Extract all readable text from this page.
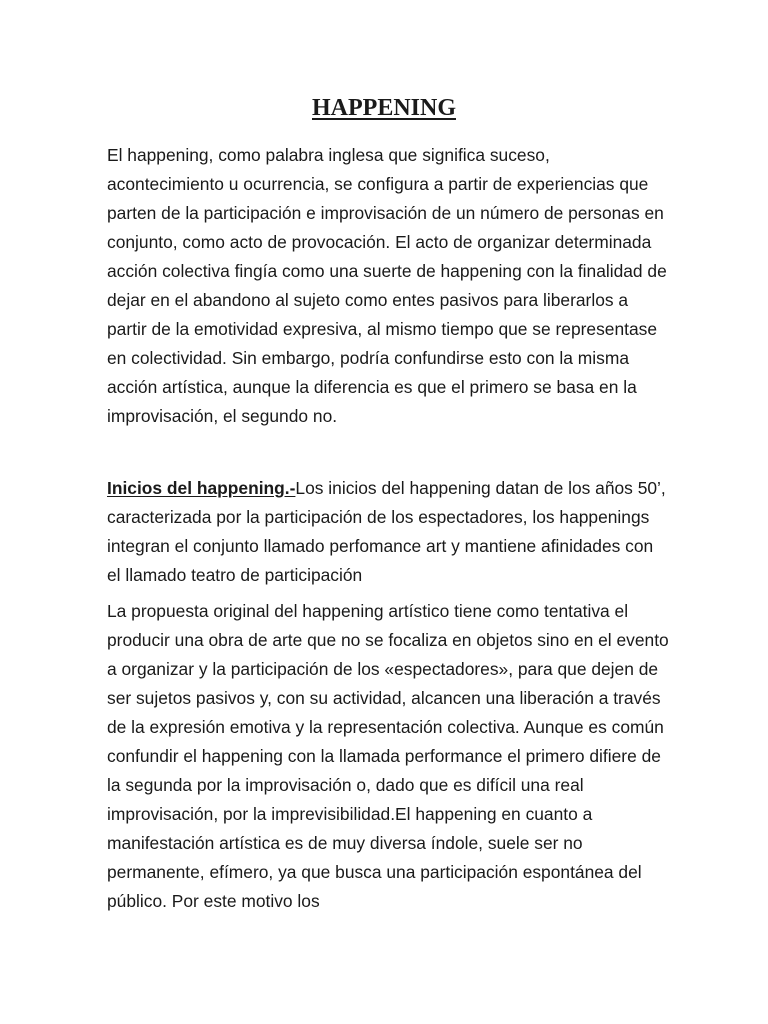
HAPPENING

El happening, como palabra inglesa que significa suceso, acontecimiento u ocurrencia, se configura a partir de experiencias que parten de la participación e improvisación de un número de personas en conjunto, como acto de provocación. El acto de organizar determinada acción colectiva fingía como una suerte de happening con la finalidad de dejar en el abandono al sujeto como entes pasivos para liberarlos a partir de la emotividad expresiva, al mismo tiempo que se representase en colectividad. Sin embargo, podría confundirse esto con la misma acción artística, aunque la diferencia es que el primero se basa en la improvisación, el segundo no.

Inicios del happening.-Los inicios del happening datan de los años 50’, caracterizada por la participación de los espectadores, los happenings integran el conjunto llamado perfomance art y mantiene afinidades con el llamado teatro de participación

La propuesta original del happening artístico tiene como tentativa el producir una obra de arte que no se focaliza en objetos sino en el evento a organizar y la participación de los «espectadores», para que dejen de ser sujetos pasivos y, con su actividad, alcancen una liberación a través de la expresión emotiva y la representación colectiva. Aunque es común confundir el happening con la llamada performance el primero difiere de la segunda por la improvisación o, dado que es difícil una real improvisación, por la imprevisibilidad.El happening en cuanto a manifestación artística es de muy diversa índole, suele ser no permanente, efímero, ya que busca una participación espontánea del público. Por este motivo los
